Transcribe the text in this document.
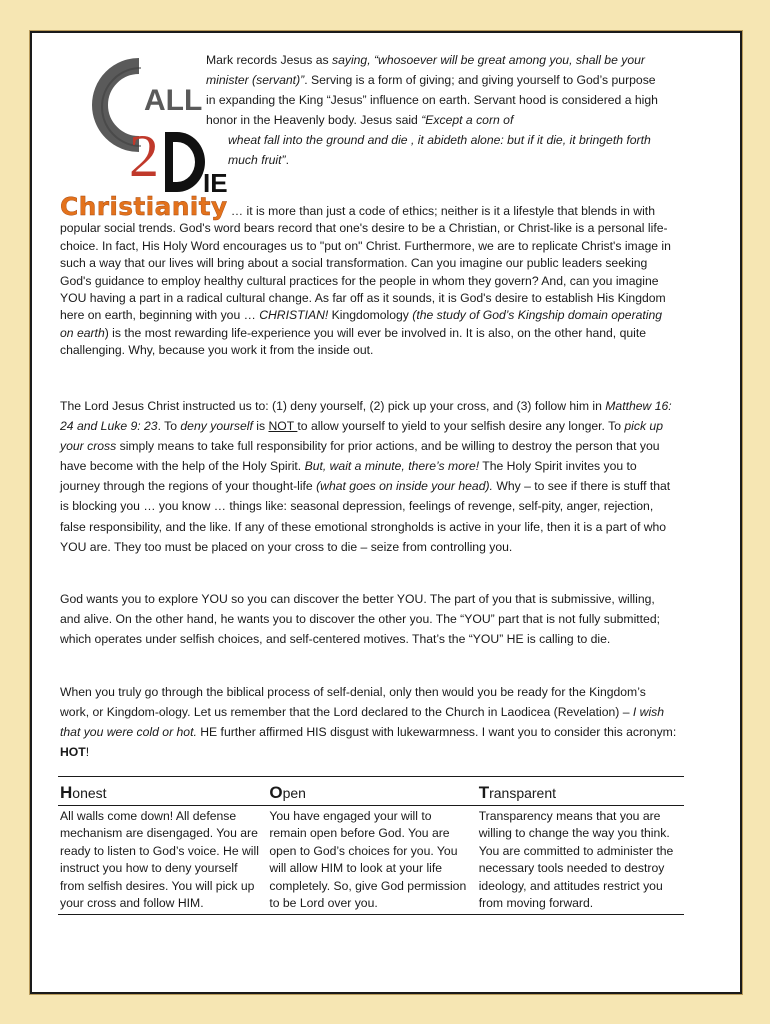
ALL
2 IE
Mark records Jesus as saying, “whosoever will be great among you, shall be your minister (servant)”. Serving is a form of giving; and giving yourself to God’s purpose in expanding the King “Jesus” influence on earth. Servant hood is considered a high honor in the Heavenly body. Jesus said “Except a corn of
wheat fall into the ground and die , it abideth alone: but if it die, it bringeth forth much fruit”.
Christianity … it is more than just a code of ethics; neither is it a lifestyle that blends in with popular social trends. God's word bears record that one's desire to be a Christian, or Christ-like is a personal life-choice. In fact, His Holy Word encourages us to "put on" Christ. Furthermore, we are to replicate Christ's image in such a way that our lives will bring about a social transformation. Can you imagine our public leaders seeking God's guidance to employ healthy cultural practices for the people in whom they govern? And, can you imagine YOU having a part in a radical cultural change. As far off as it sounds, it is God's desire to establish His Kingdom here on earth, beginning with you … CHRISTIAN! Kingdomology (the study of God’s Kingship domain operating on earth) is the most rewarding life-experience you will ever be involved in. It is also, on the other hand, quite challenging. Why, because you work it from the inside out.
The Lord Jesus Christ instructed us to: (1) deny yourself, (2) pick up your cross, and (3) follow him in Matthew 16: 24 and Luke 9: 23. To deny yourself is NOT to allow yourself to yield to your selfish desire any longer. To pick up your cross simply means to take full responsibility for prior actions, and be willing to destroy the person that you have become with the help of the Holy Spirit. But, wait a minute, there’s more! The Holy Spirit invites you to journey through the regions of your thought-life (what goes on inside your head). Why – to see if there is stuff that is blocking you … you know … things like: seasonal depression, feelings of revenge, self-pity, anger, rejection, false responsibility, and the like. If any of these emotional strongholds is active in your life, then it is a part of who YOU are. They too must be placed on your cross to die – seize from controlling you.
God wants you to explore YOU so you can discover the better YOU. The part of you that is submissive, willing, and alive. On the other hand, he wants you to discover the other you. The “YOU” part that is not fully submitted; which operates under selfish choices, and self-centered motives. That’s the “YOU” HE is calling to die.
When you truly go through the biblical process of self-denial, only then would you be ready for the Kingdom’s work, or Kingdom-ology. Let us remember that the Lord declared to the Church in Laodicea (Revelation) – I wish that you were cold or hot. HE further affirmed HIS disgust with lukewarmness. I want you to consider this acronym: HOT!
Honest	Open	Transparent
All walls come down! All defense mechanism are disengaged. You are ready to listen to God’s voice. He will instruct you how to deny yourself from selfish desires. You will pick up your cross and follow HIM.	You have engaged your will to remain open before God. You are open to God’s choices for you. You will allow HIM to look at your life completely. So, give God permission to be Lord over you.	Transparency means that you are willing to change the way you think. You are committed to administer the necessary tools needed to destroy ideology, and attitudes restrict you from moving forward.
